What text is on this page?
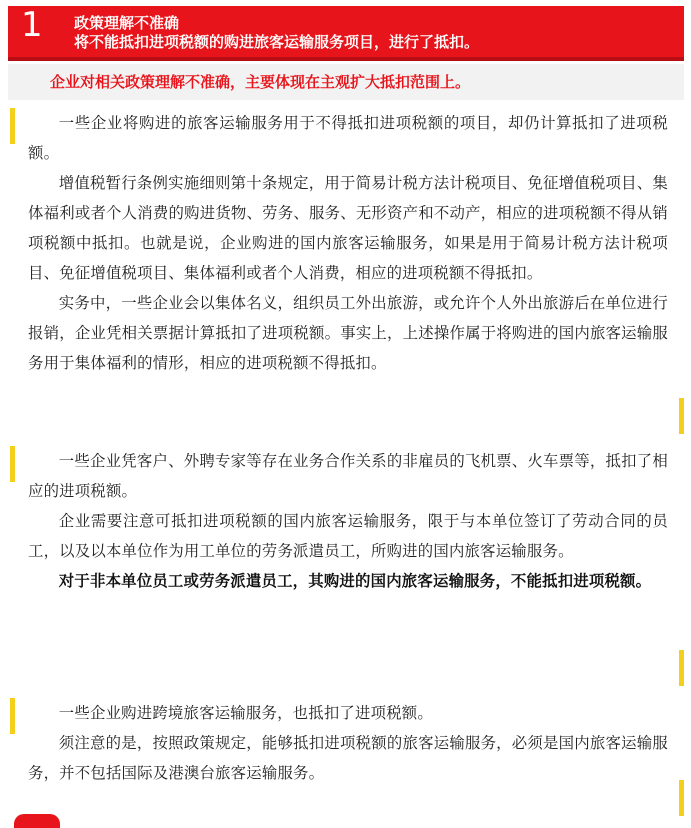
1 政策理解不准确
将不能抵扣进项税额的购进旅客运输服务项目，进行了抵扣。
企业对相关政策理解不准确，主要体现在主观扩大抵扣范围上。

一些企业将购进的旅客运输服务用于不得抵扣进项税额的项目，却仍计算抵扣了进项税额。

增值税暂行条例实施细则第十条规定，用于简易计税方法计税项目、免征增值税项目、集体福利或者个人消费的购进货物、劳务、服务、无形资产和不动产，相应的进项税额不得从销项税额中抵扣。也就是说，企业购进的国内旅客运输服务，如果是用于简易计税方法计税项目、免征增值税项目、集体福利或者个人消费，相应的进项税额不得抵扣。

实务中，一些企业会以集体名义，组织员工外出旅游，或允许个人外出旅游后在单位进行报销，企业凭相关票据计算抵扣了进项税额。事实上，上述操作属于将购进的国内旅客运输服务用于集体福利的情形，相应的进项税额不得抵扣。

一些企业凭客户、外聘专家等存在业务合作关系的非雇员的飞机票、火车票等，抵扣了相应的进项税额。

企业需要注意可抵扣进项税额的国内旅客运输服务，限于与本单位签订了劳动合同的员工，以及以本单位作为用工单位的劳务派遣员工，所购进的国内旅客运输服务。

对于非本单位员工或劳务派遣员工，其购进的国内旅客运输服务，不能抵扣进项税额。

一些企业购进跨境旅客运输服务，也抵扣了进项税额。

须注意的是，按照政策规定，能够抵扣进项税额的旅客运输服务，必须是国内旅客运输服务，并不包括国际及港澳台旅客运输服务。
